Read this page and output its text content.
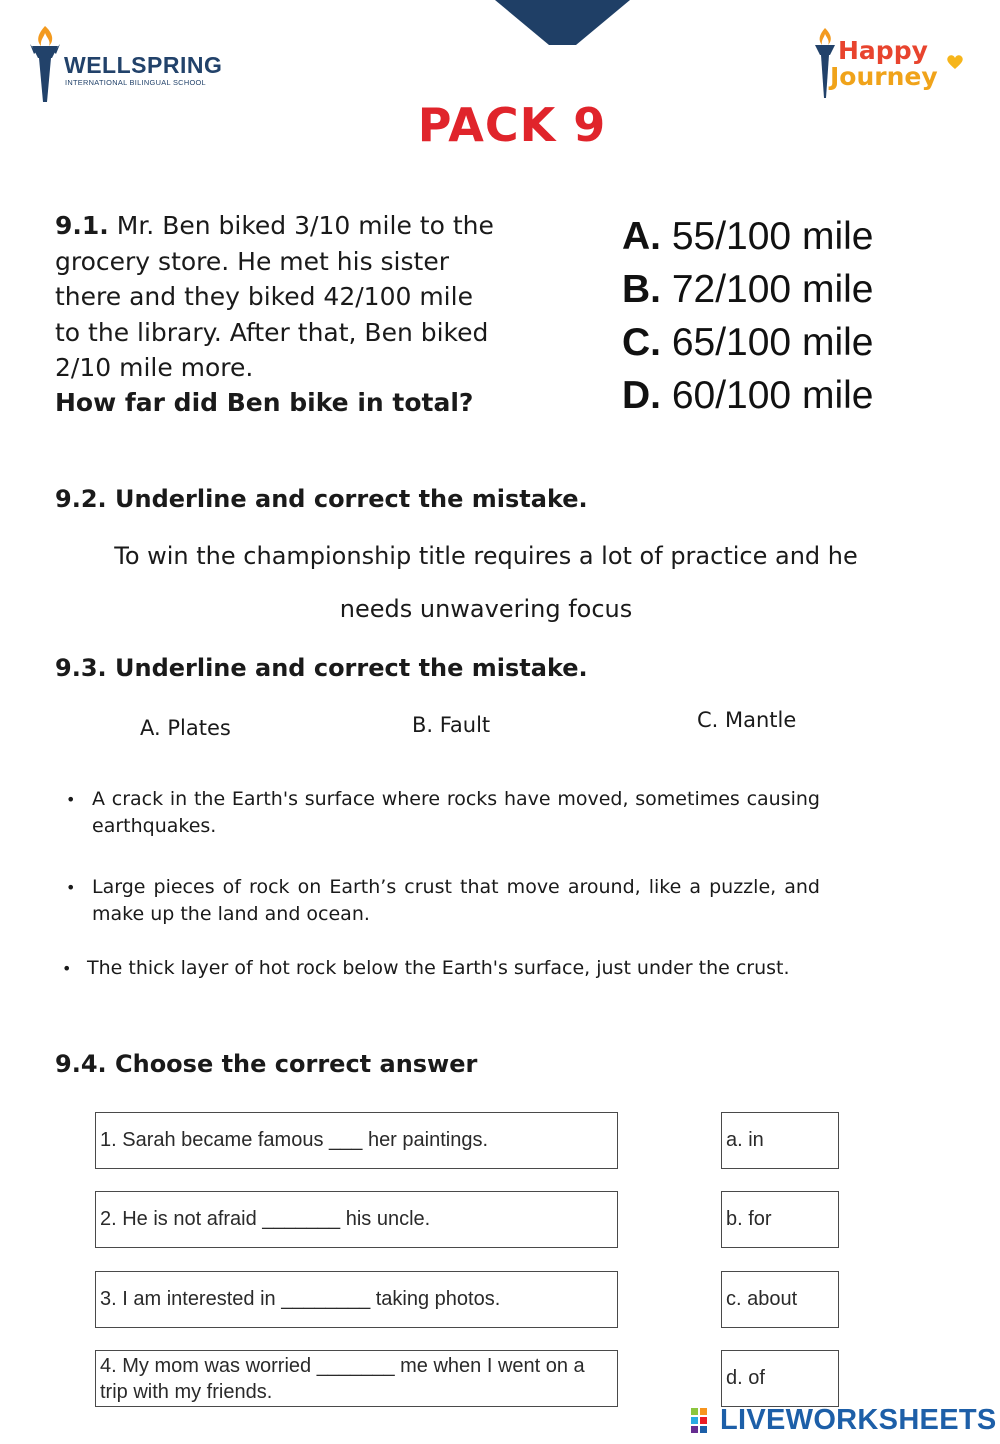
WELLSPRING
INTERNATIONAL BILINGUAL SCHOOL
Happy
Journey
PACK 9
9.1. Mr. Ben biked 3/10 mile to the
grocery store. He met his sister
there and they biked 42/100 mile
to the library. After that, Ben biked
2/10 mile more.
How far did Ben bike in total?
A. 55/100 mile
B. 72/100 mile
C. 65/100 mile
D. 60/100 mile
9.2. Underline and correct the mistake.
To win the championship title requires a lot of practice and he
needs unwavering focus
9.3. Underline and correct the mistake.
A. Plates	B. Fault	C. Mantle
• A crack in the Earth's surface where rocks have moved, sometimes causing earthquakes.
• Large pieces of rock on Earth’s crust that move around, like a puzzle, and make up the land and ocean.
• The thick layer of hot rock below the Earth's surface, just under the crust.
9.4. Choose the correct answer
1. Sarah became famous ___ her paintings.
2. He is not afraid _______ his uncle.
3. I am interested in ________ taking photos.
4. My mom was worried _______ me when I went on a trip with my friends.
a. in
b. for
c. about
d. of
LIVEWORKSHEETS
